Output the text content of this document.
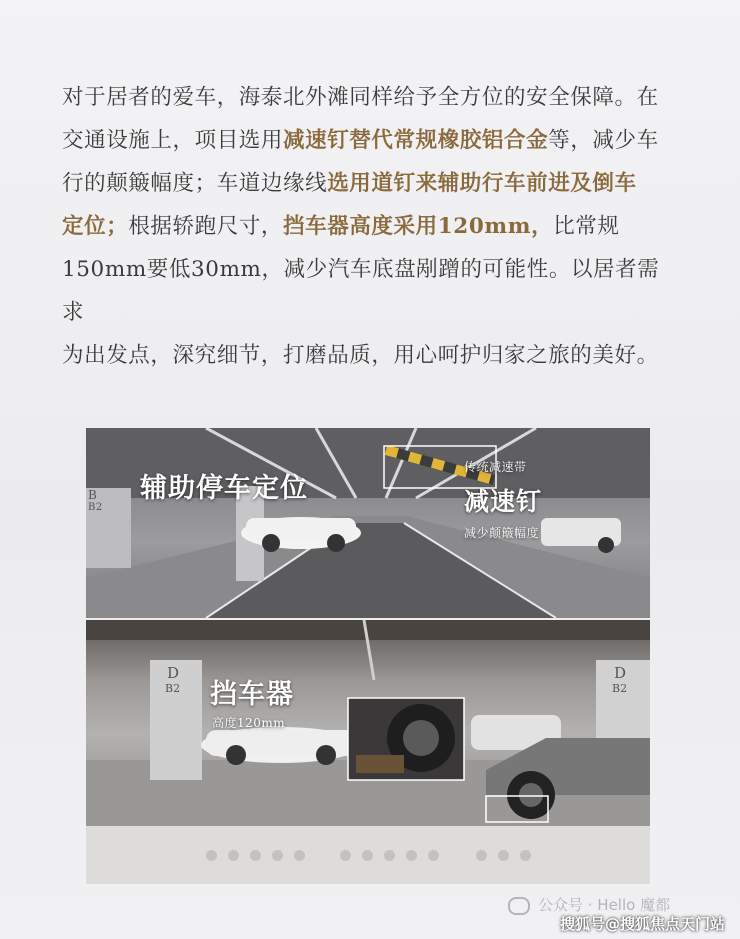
对于居者的爱车，海泰北外滩同样给予全方位的安全保障。在
交通设施上，项目选用减速钉替代常规橡胶铝合金等，减少车
行的颠簸幅度；车道边缘线选用道钉来辅助行车前进及倒车
定位；根据轿跑尺寸，挡车器高度采用120mm，比常规
150mm要低30mm，减少汽车底盘剐蹭的可能性。以居者需求
为出发点，深究细节，打磨品质，用心呵护归家之旅的美好。
辅助停车定位
传统减速带
减速钉
减少颠簸幅度
B
B2
挡车器
高度120mm
D
B2
D
B2
公众号 · Hello 魔都
搜狐号@搜狐焦点天门站
